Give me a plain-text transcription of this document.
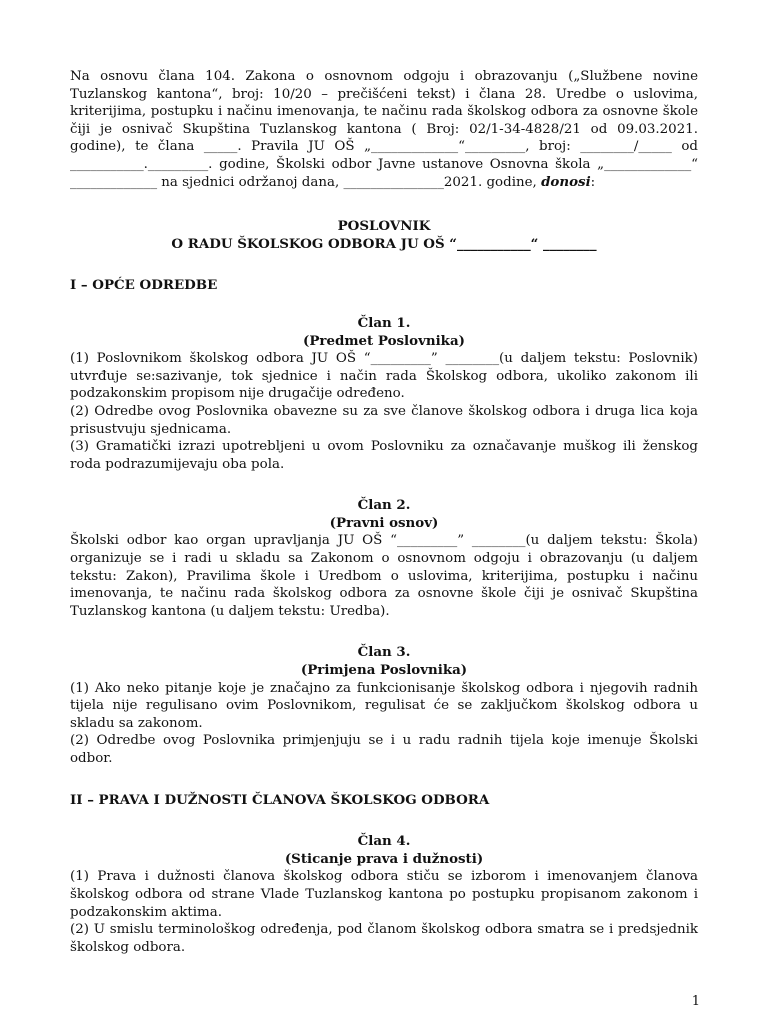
Na osnovu člana 104. Zakona o osnovnom odgoju i obrazovanju („Službene novine Tuzlanskog kantona“, broj: 10/20 – prečišćeni tekst) i člana 28. Uredbe o uslovima, kriterijima, postupku i načinu imenovanja, te načinu rada školskog odbora za osnovne škole čiji je osnivač Skupština Tuzlanskog kantona ( Broj: 02/1-34-4828/21 od 09.03.2021. godine), te člana _____. Pravila JU OŠ „_____________“_________, broj: ________/_____ od ___________._________. godine, Školski odbor Javne ustanove Osnovna škola „_____________“ _____________ na sjednici održanoj dana, _______________2021. godine, donosi:

POSLOVNIK

O RADU ŠKOLSKOG ODBORA JU OŠ “___________“ ________

I – OPĆE ODREDBE

Član 1.

(Predmet Poslovnika)

(1) Poslovnikom školskog odbora JU OŠ “_________” ________(u daljem tekstu: Poslovnik) utvrđuje se:sazivanje, tok sjednice i način rada Školskog odbora, ukoliko zakonom ili podzakonskim propisom nije drugačije određeno.

(2) Odredbe ovog Poslovnika obavezne su za sve članove školskog odbora i druga lica koja prisustvuju sjednicama.

(3) Gramatički izrazi upotrebljeni u ovom Poslovniku za označavanje muškog ili ženskog roda podrazumijevaju oba pola.

Član 2.

(Pravni osnov)

Školski odbor kao organ upravljanja JU OŠ “_________” ________(u daljem tekstu: Škola) organizuje se i radi u skladu sa Zakonom o osnovnom odgoju i obrazovanju (u daljem tekstu: Zakon), Pravilima škole i Uredbom o uslovima, kriterijima, postupku i načinu imenovanja, te načinu rada školskog odbora za osnovne škole čiji je osnivač Skupština Tuzlanskog kantona (u daljem tekstu: Uredba).

Član 3.

(Primjena Poslovnika)

(1) Ako neko pitanje koje je značajno za funkcionisanje školskog odbora i njegovih radnih tijela nije regulisano ovim Poslovnikom, regulisat će se zaključkom školskog odbora u skladu sa zakonom.

(2) Odredbe ovog Poslovnika primjenjuju se i u radu radnih tijela koje imenuje Školski odbor.

II – PRAVA I DUŽNOSTI ČLANOVA ŠKOLSKOG ODBORA

Član 4.

(Sticanje prava i dužnosti)

(1) Prava i dužnosti članova školskog odbora stiču se izborom i imenovanjem članova školskog odbora od strane Vlade Tuzlanskog kantona po postupku propisanom zakonom i podzakonskim aktima.

(2) U smislu terminološkog određenja, pod članom školskog odbora smatra se i predsjednik školskog odbora.

1
